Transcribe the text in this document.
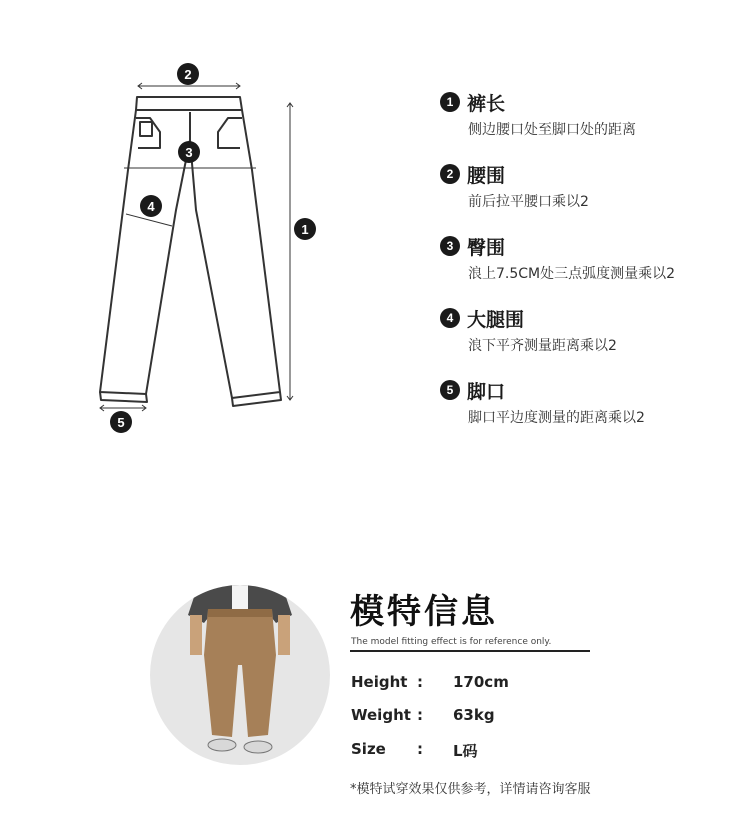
1
2
3
4
5
1 裤长
侧边腰口处至脚口处的距离
2 腰围
前后拉平腰口乘以2
3 臀围
浪上7.5CM处三点弧度测量乘以2
4 大腿围
浪下平齐测量距离乘以2
5 脚口
脚口平边度测量的距离乘以2
模特信息
The model fitting effect is for reference only.
Height : 170cm
Weight : 63kg
Size : L码
*模特试穿效果仅供参考，详情请咨询客服
